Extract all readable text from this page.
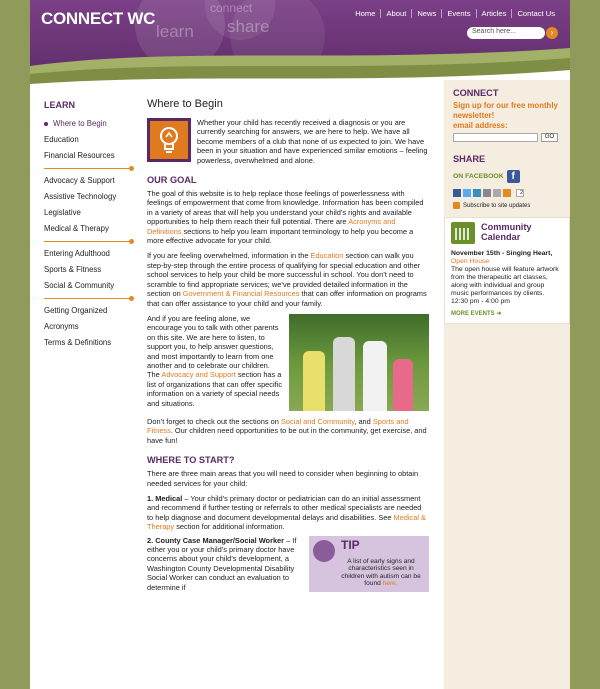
connect
learn share
CONNECT WC	Home	About	News	Events	Articles	Contact Us
Search here...	›
LEARN
Where to Begin
Education
Financial Resources
Advocacy & Support
Assistive Technology
Legislative
Medical & Therapy
Entering Adulthood
Sports & Fitness
Social & Community
Getting Organized
Acronyms
Terms & Definitions
Where to Begin

Whether your child has recently received a diagnosis or you are currently searching for answers, we are here to help. We have all become members of a club that none of us expected to join. We have been in your situation and have experienced similar emotions – feeling powerless, overwhelmed and alone.

OUR GOAL

The goal of this website is to help replace those feelings of powerlessness with feelings of empowerment that come from knowledge. Information has been compiled in a variety of areas that will help you understand your child’s rights and available opportunities to help them reach their full potential. There are Acronyms and Definitions sections to help you learn important terminology to help you become a more effective advocate for your child.

If you are feeling overwhelmed, information in the Education section can walk you step-by-step through the entire process of qualifying for special education and other school services to help your child be more successful in school. You don’t need to scramble to find appropriate services; we’ve provided detailed information in the section on Government & Financial Resources that can offer information on programs that can offer assistance to your child and your family.

And if you are feeling alone, we encourage you to talk with other parents on this site. We are here to listen, to support you, to help answer questions, and most importantly to learn from one another and to celebrate our children. The Advocacy and Support section has a list of organizations that can offer specific information on a variety of special needs and situations.

Don’t forget to check out the sections on Social and Community, and Sports and Fitness. Our children need opportunities to be out in the community, get exercise, and have fun!

WHERE TO START?

There are three main areas that you will need to consider when beginning to obtain needed services for your child:

1. Medical – Your child’s primary doctor or pediatrician can do an initial assessment and recommend if further testing or referrals to other medical specialists are needed to help diagnose and document developmental delays and disabilities. See Medical & Therapy section for additional information.

2. County Case Manager/Social Worker – If either you or your child’s primary doctor have concerns about your child’s development, a Washington County Developmental Disability Social Worker can conduct an evaluation to determine if

TIP
A list of early signs and characteristics seen in children with autism can be found here.
CONNECT
Sign up for our free monthly newsletter!
email address:
GO
SHARE
ON FACEBOOK f
2
Subscribe to site updates
Community Calendar
November 15th - Singing Heart, Open House
The open house will feature artwork from the therapeutic art classes, along with individual and group music performances by clients.
12:30 pm - 4:00 pm
MORE EVENTS ➜
